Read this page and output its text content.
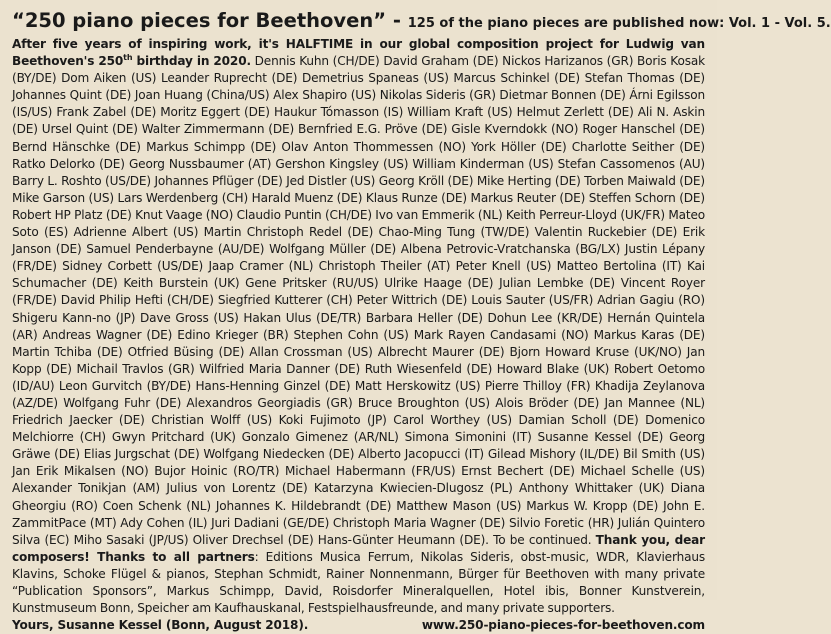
“250 piano pieces for Beethoven” - 125 of the piano pieces are published now: Vol. 1 - Vol. 5.

After five years of inspiring work, it's HALFTIME in our global composition project for Ludwig van Beethoven's 250th birthday in 2020. Dennis Kuhn (CH/DE) David Graham (DE) Nickos Harizanos (GR) Boris Kosak (BY/DE) Dom Aiken (US) Leander Ruprecht (DE) Demetrius Spaneas (US) Marcus Schinkel (DE) Stefan Thomas (DE) Johannes Quint (DE) Joan Huang (China/US) Alex Shapiro (US) Nikolas Sideris (GR) Dietmar Bonnen (DE) Árni Egilsson (IS/US) Frank Zabel (DE) Moritz Eggert (DE) Haukur Tómasson (IS) William Kraft (US) Helmut Zerlett (DE) Ali N. Askin (DE) Ursel Quint (DE) Walter Zimmermann (DE) Bernfried E.G. Pröve (DE) Gisle Kverndokk (NO) Roger Hanschel (DE) Bernd Hänschke (DE) Markus Schimpp (DE) Olav Anton Thommessen (NO) York Höller (DE) Charlotte Seither (DE) Ratko Delorko (DE) Georg Nussbaumer (AT) Gershon Kingsley (US) William Kinderman (US) Stefan Cassomenos (AU) Barry L. Roshto (US/DE) Johannes Pflüger (DE) Jed Distler (US) Georg Kröll (DE) Mike Herting (DE) Torben Maiwald (DE) Mike Garson (US) Lars Werdenberg (CH) Harald Muenz (DE) Klaus Runze (DE) Markus Reuter (DE) Steffen Schorn (DE) Robert HP Platz (DE) Knut Vaage (NO) Claudio Puntin (CH/DE) Ivo van Emmerik (NL) Keith Perreur-Lloyd (UK/FR) Mateo Soto (ES) Adrienne Albert (US) Martin Christoph Redel (DE) Chao-Ming Tung (TW/DE) Valentin Ruckebier (DE) Erik Janson (DE) Samuel Penderbayne (AU/DE) Wolfgang Müller (DE) Albena Petrovic-Vratchanska (BG/LX) Justin Lépany (FR/DE) Sidney Corbett (US/DE) Jaap Cramer (NL) Christoph Theiler (AT) Peter Knell (US) Matteo Bertolina (IT) Kai Schumacher (DE) Keith Burstein (UK) Gene Pritsker (RU/US) Ulrike Haage (DE) Julian Lembke (DE) Vincent Royer (FR/DE) David Philip Hefti (CH/DE) Siegfried Kutterer (CH) Peter Wittrich (DE) Louis Sauter (US/FR) Adrian Gagiu (RO) Shigeru Kann-no (JP) Dave Gross (US) Hakan Ulus (DE/TR) Barbara Heller (DE) Dohun Lee (KR/DE) Hernán Quintela (AR) Andreas Wagner (DE) Edino Krieger (BR) Stephen Cohn (US) Mark Rayen Candasami (NO) Markus Karas (DE) Martin Tchiba (DE) Otfried Büsing (DE) Allan Crossman (US) Albrecht Maurer (DE) Bjorn Howard Kruse (UK/NO) Jan Kopp (DE) Michail Travlos (GR) Wilfried Maria Danner (DE) Ruth Wiesenfeld (DE) Howard Blake (UK) Robert Oetomo (ID/AU) Leon Gurvitch (BY/DE) Hans-Henning Ginzel (DE) Matt Herskowitz (US) Pierre Thilloy (FR) Khadija Zeylanova (AZ/DE) Wolfgang Fuhr (DE) Alexandros Georgiadis (GR) Bruce Broughton (US) Alois Bröder (DE) Jan Mannee (NL) Friedrich Jaecker (DE) Christian Wolff (US) Koki Fujimoto (JP) Carol Worthey (US) Damian Scholl (DE) Domenico Melchiorre (CH) Gwyn Pritchard (UK) Gonzalo Gimenez (AR/NL) Simona Simonini (IT) Susanne Kessel (DE) Georg Gräwe (DE) Elias Jurgschat (DE) Wolfgang Niedecken (DE) Alberto Jacopucci (IT) Gilead Mishory (IL/DE) Bil Smith (US) Jan Erik Mikalsen (NO) Bujor Hoinic (RO/TR) Michael Habermann (FR/US) Ernst Bechert (DE) Michael Schelle (US) Alexander Tonikjan (AM) Julius von Lorentz (DE) Katarzyna Kwiecien-Dlugosz (PL) Anthony Whittaker (UK) Diana Gheorgiu (RO) Coen Schenk (NL) Johannes K. Hildebrandt (DE) Matthew Mason (US) Markus W. Kropp (DE) John E. ZammitPace (MT) Ady Cohen (IL) Juri Dadiani (GE/DE) Christoph Maria Wagner (DE) Silvio Foretic (HR) Julián Quintero Silva (EC) Miho Sasaki (JP/US) Oliver Drechsel (DE) Hans-Günter Heumann (DE). To be continued. Thank you, dear composers! Thanks to all partners: Editions Musica Ferrum, Nikolas Sideris, obst-music, WDR, Klavierhaus Klavins, Schoke Flügel & pianos, Stephan Schmidt, Rainer Nonnenmann, Bürger für Beethoven with many private “Publication Sponsors”, Markus Schimpp, David, Roisdorfer Mineralquellen, Hotel ibis, Bonner Kunstverein, Kunstmuseum Bonn, Speicher am Kaufhauskanal, Festspielhausfreunde, and many private supporters.

Yours, Susanne Kessel (Bonn, August 2018).	www.250-piano-pieces-for-beethoven.com
